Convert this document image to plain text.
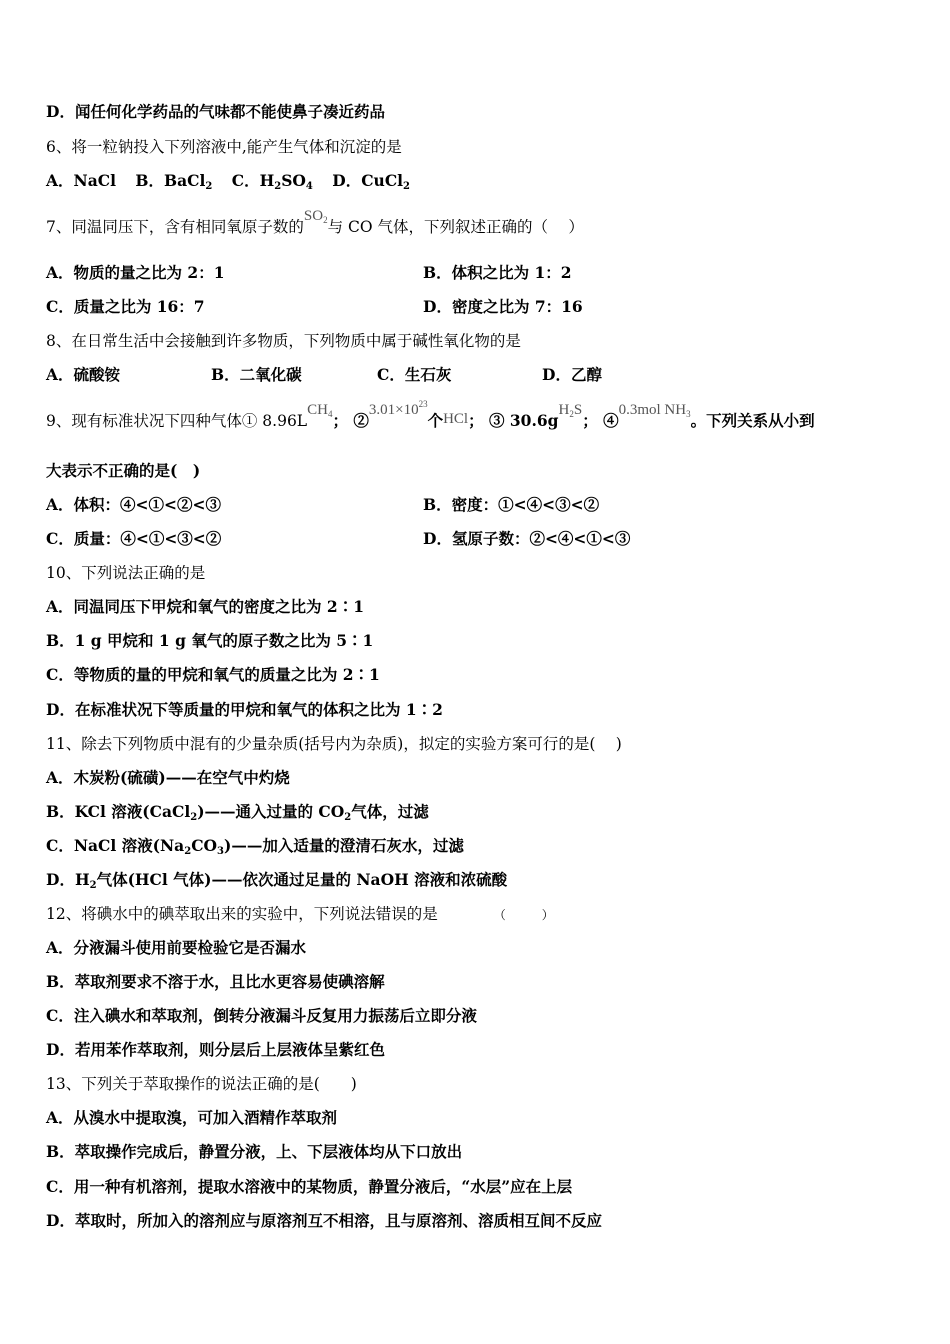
D．闻任何化学药品的气味都不能使鼻子凑近药品
6、将一粒钠投入下列溶液中,能产生气体和沉淀的是
A．NaCl B．BaCl$_2$ C．$H_2SO_4$ D．CuCl$_2$
7、同温同压下，含有相同氧原子数的$SO_2$与 CO 气体，下列叙述正确的（　 ）
A．物质的量之比为 2：1	B．体积之比为 1：2
C．质量之比为 16：7	D．密度之比为 7：16
8、在日常生活中会接触到许多物质，下列物质中属于碱性氧化物的是
A．硫酸铵	B．二氧化碳	C．生石灰	D．乙醇
9、现有标准状况下四种气体① $8.96LCH_4$； $②3.01\times 10^{23}$个HCl； ③ $30.6gH_2S$； ④0.3mol $NH_3$。下列关系从小到
大表示不正确的是(　)
A．体积：④<①<②<③	B．密度：①<④<③<②
C．质量：④<①<③<②	D．氢原子数：②<④<①<③
10、下列说法正确的是
A．同温同压下甲烷和氧气的密度之比为 2∶1
B．1 g 甲烷和 1 g 氧气的原子数之比为 5∶1
C．等物质的量的甲烷和氧气的质量之比为 2∶1
D．在标准状况下等质量的甲烷和氧气的体积之比为 1∶2
11、除去下列物质中混有的少量杂质(括号内为杂质)，拟定的实验方案可行的是(　 )
A．木炭粉(硫磺)——在空气中灼烧
B．KCl 溶液(CaCl$_2$)——通入过量的 $CO_2$气体，过滤
C．NaCl 溶液$(Na_2CO_3)——$加入适量的澄清石灰水，过滤
D．$H_2$气体(HCl 气体)——依次通过足量的 NaOH 溶液和浓硫酸
12、将碘水中的碘萃取出来的实验中，下列说法错误的是	（　　　）
A．分液漏斗使用前要检验它是否漏水
B．萃取剂要求不溶于水，且比水更容易使碘溶解
C．注入碘水和萃取剂，倒转分液漏斗反复用力振荡后立即分液
D．若用苯作萃取剂，则分层后上层液体呈紫红色
13、下列关于萃取操作的说法正确的是(　　)
A．从溴水中提取溴，可加入酒精作萃取剂
B．萃取操作完成后，静置分液，上、下层液体均从下口放出
C．用一种有机溶剂，提取水溶液中的某物质，静置分液后，“水层”应在上层
D．萃取时，所加入的溶剂应与原溶剂互不相溶，且与原溶剂、溶质相互间不反应
